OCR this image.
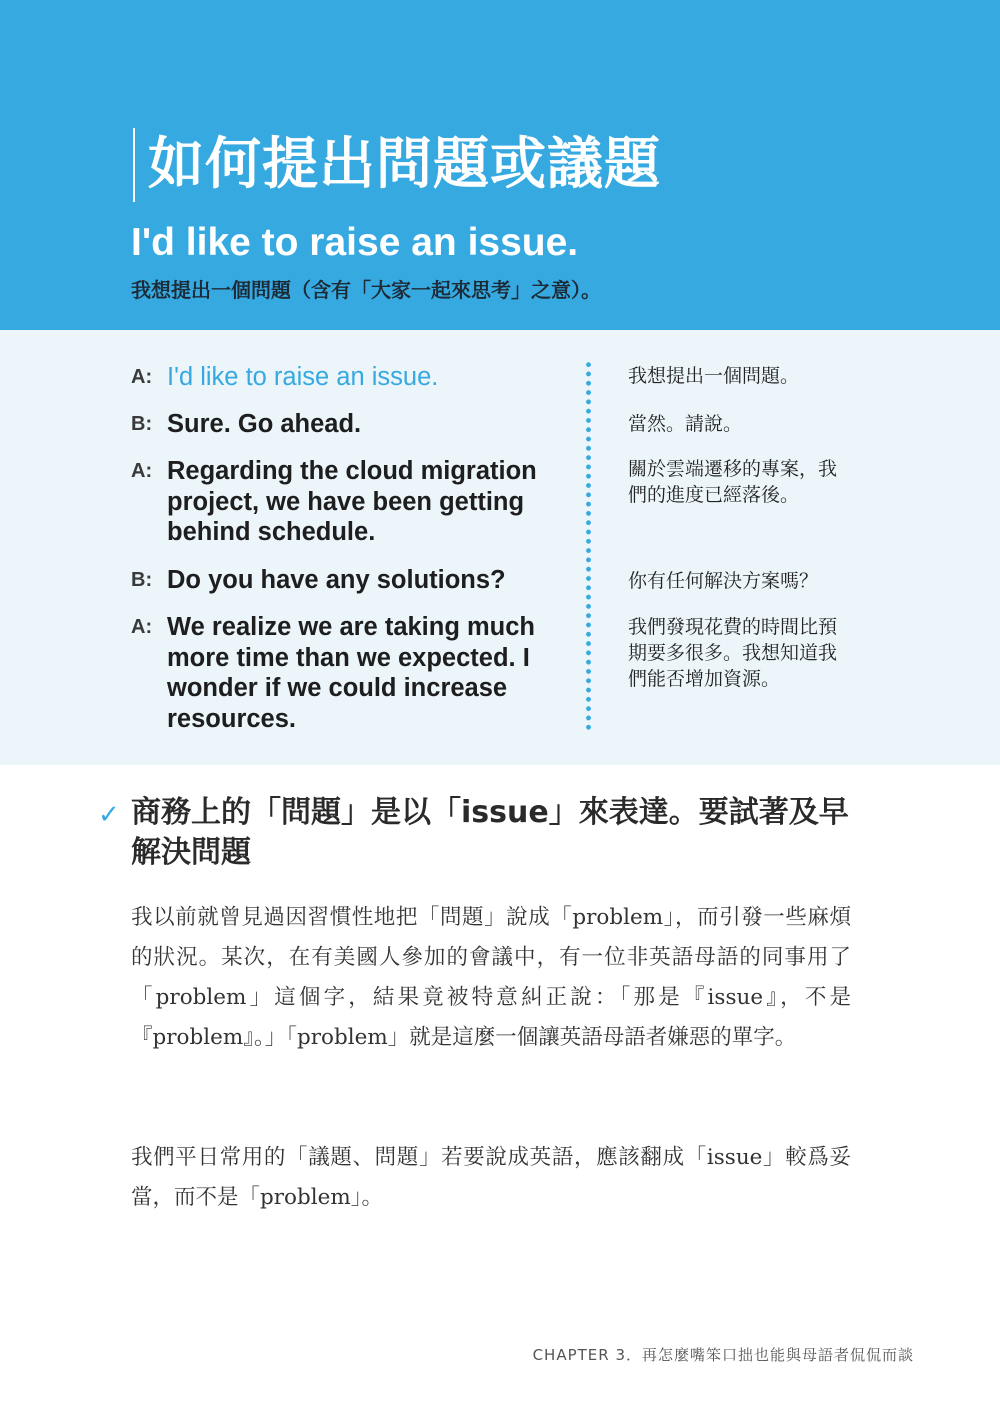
如何提出問題或議題
I'd like to raise an issue.
我想提出一個問題（含有「大家一起來思考」之意）。
A: I'd like to raise an issue.	我想提出一個問題。
B: Sure. Go ahead.	當然。請說。
A: Regarding the cloud migration project, we have been getting behind schedule.
關於雲端遷移的專案，我們的進度已經落後。
B: Do you have any solutions?	你有任何解決方案嗎？
A: We realize we are taking much more time than we expected. I wonder if we could increase resources.
我們發現花費的時間比預期要多很多。我想知道我們能否增加資源。
✓ 商務上的「問題」是以「issue」來表達。要試著及早解決問題
我以前就曾見過因習慣性地把「問題」說成「problem」，而引發一些麻煩的狀況。某次，在有美國人參加的會議中，有一位非英語母語的同事用了「problem」這個字，結果竟被特意糾正說：「那是『issue』，不是『problem』。」「problem」就是這麼一個讓英語母語者嫌惡的單字。
我們平日常用的「議題、問題」若要說成英語，應該翻成「issue」較爲妥當，而不是「problem」。
CHAPTER 3．再怎麼嘴笨口拙也能與母語者侃侃而談
